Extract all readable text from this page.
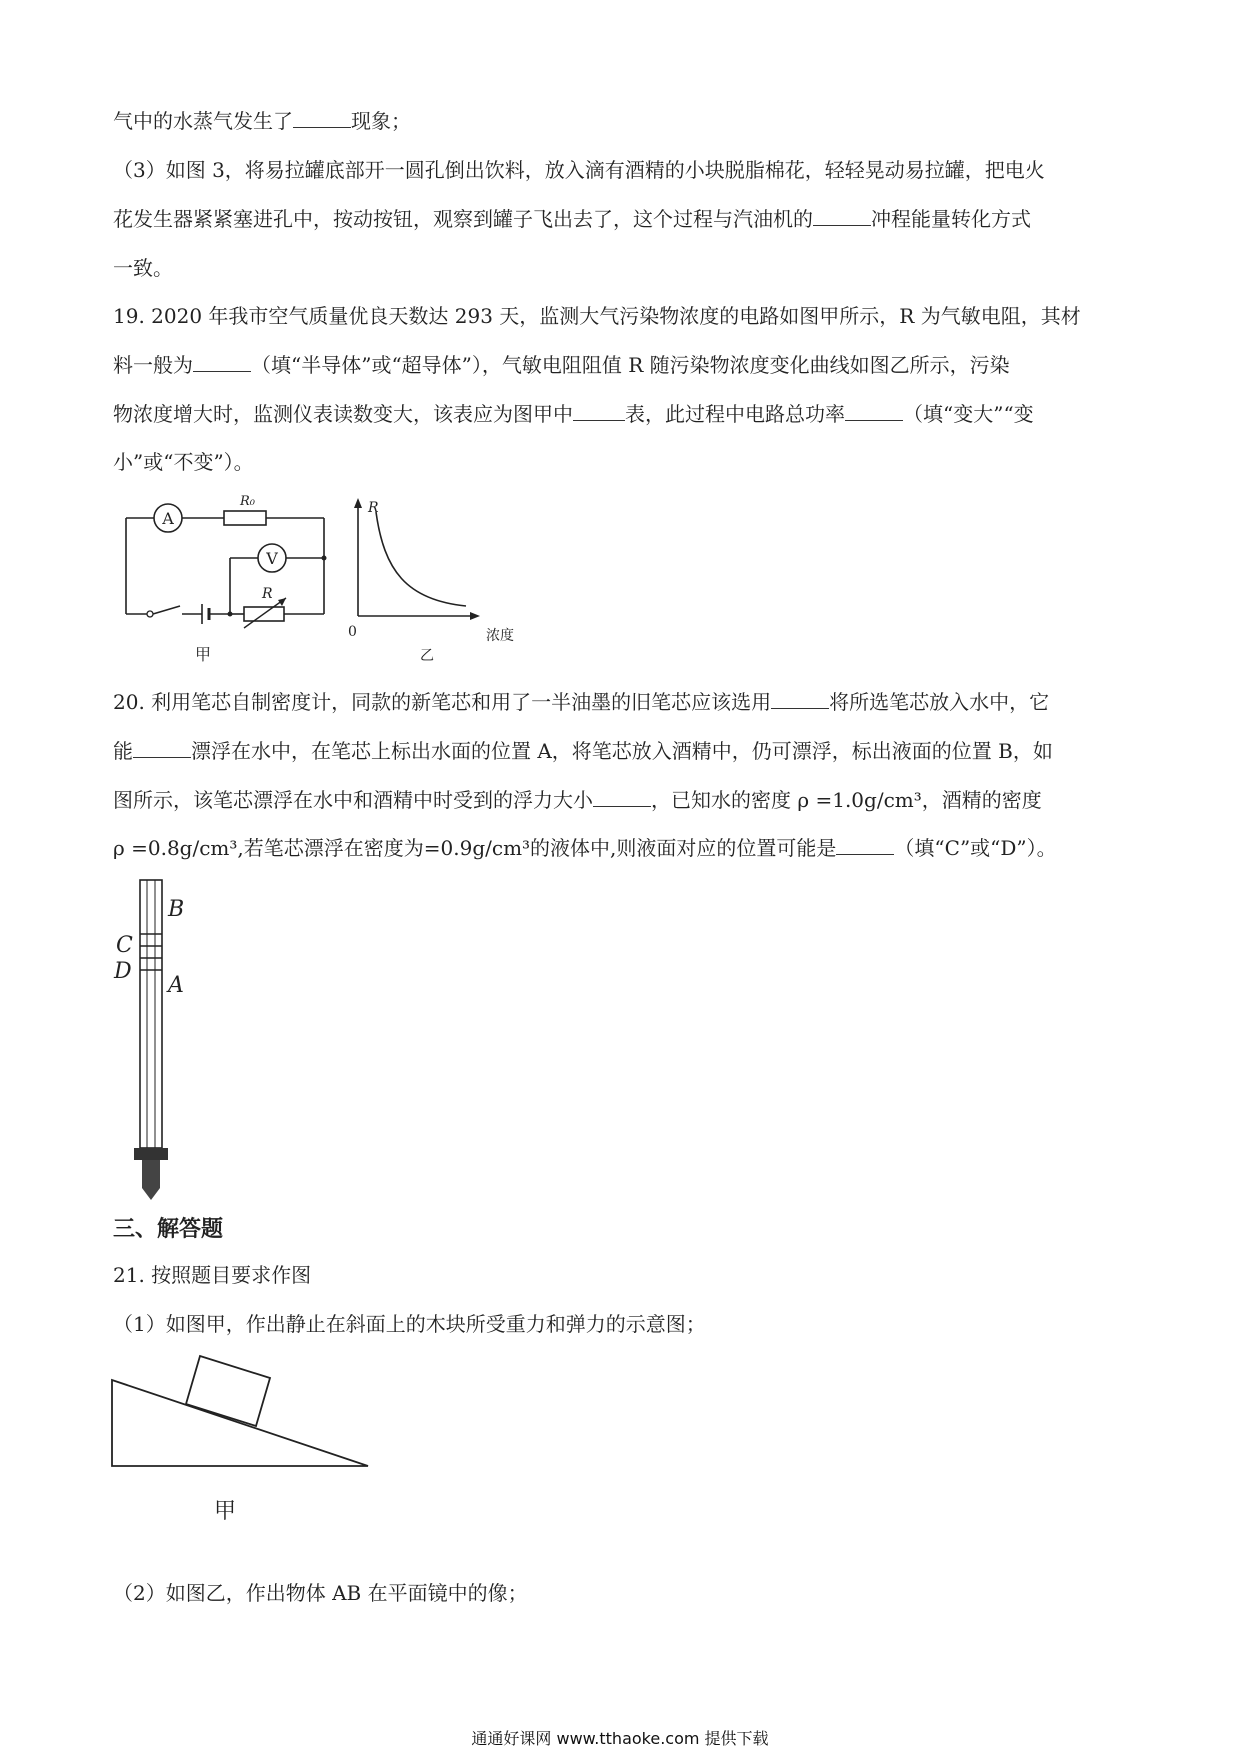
气中的水蒸气发生了	现象；
（3）如图 3，将易拉罐底部开一圆孔倒出饮料，放入滴有酒精的小块脱脂棉花，轻轻晃动易拉罐，把电火
花发生器紧紧塞进孔中，按动按钮，观察到罐子飞出去了，这个过程与汽油机的	冲程能量转化方式
一致。
19. 2020 年我市空气质量优良天数达 293 天，监测大气污染物浓度的电路如图甲所示，R 为气敏电阻，其材
料一般为	（填“半导体”或“超导体”），气敏电阻阻值 R 随污染物浓度变化曲线如图乙所示，污染
物浓度增大时，监测仪表读数变大，该表应为图甲中	表，此过程中电路总功率	（填“变大”“变
小”或“不变”）。
A
R₀
V
R
甲
R
0	浓度
乙
20. 利用笔芯自制密度计，同款的新笔芯和用了一半油墨的旧笔芯应该选用	将所选笔芯放入水中，它
能	漂浮在水中，在笔芯上标出水面的位置 A，将笔芯放入酒精中，仍可漂浮，标出液面的位置 B，如
图所示，该笔芯漂浮在水中和酒精中时受到的浮力大小	，已知水的密度 ρ =1.0g/cm³，酒精的密度
ρ =0.8g/cm³,若笔芯漂浮在密度为=0.9g/cm³的液体中,则液面对应的位置可能是	（填“C”或“D”）。
B
C
D
A
三、解答题
21. 按照题目要求作图
（1）如图甲，作出静止在斜面上的木块所受重力和弹力的示意图；
甲
（2）如图乙，作出物体 AB 在平面镜中的像；
通通好课网 www.tthaoke.com 提供下载
